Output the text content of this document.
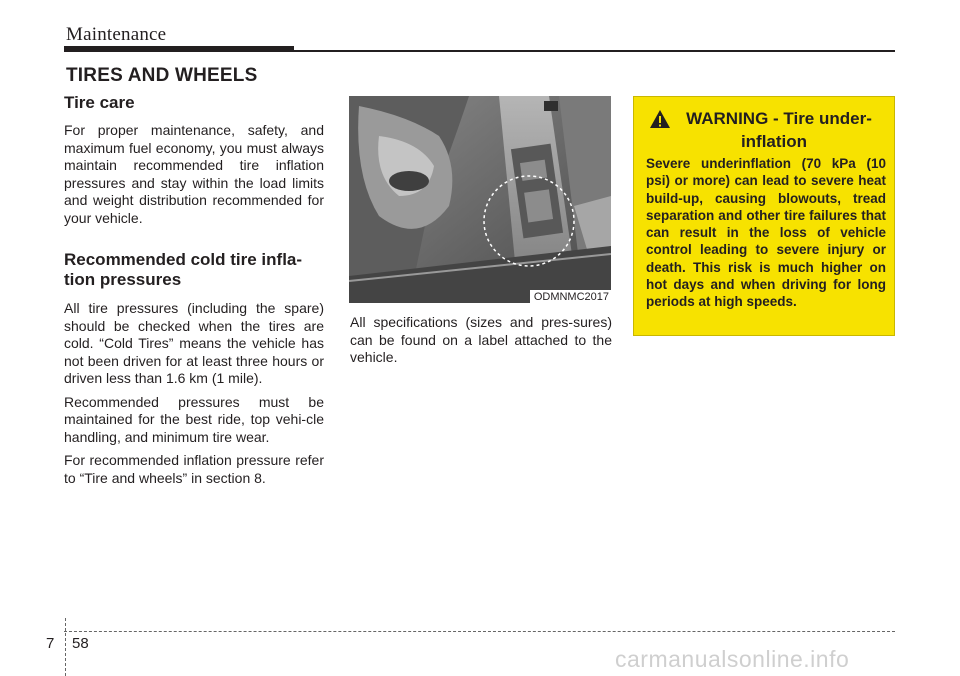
Maintenance
TIRES AND WHEELS

Tire care

For proper maintenance, safety, and maximum fuel economy, you must always maintain recommended tire inflation pressures and stay within the load limits and weight distribution recommended for your vehicle.

Recommended cold tire infla-
tion pressures

All tire pressures (including the spare) should be checked when the tires are cold. “Cold Tires” means the vehicle has not been driven for at least three hours or driven less than 1.6 km (1 mile).

Recommended pressures must be maintained for the best ride, top vehi-cle handling, and minimum tire wear.

For recommended inflation pressure refer to “Tire and wheels” in section 8.

ODMNMC2017

All specifications (sizes and pres-sures) can be found on a label attached to the vehicle.

WARNING - Tire under-
inflation

Severe underinflation (70 kPa (10 psi) or more) can lead to severe heat build-up, causing blowouts, tread separation and other tire failures that can result in the loss of vehicle control leading to severe injury or death. This risk is much higher on hot days and when driving for long periods at high speeds.

7 58
carmanualsonline.info
